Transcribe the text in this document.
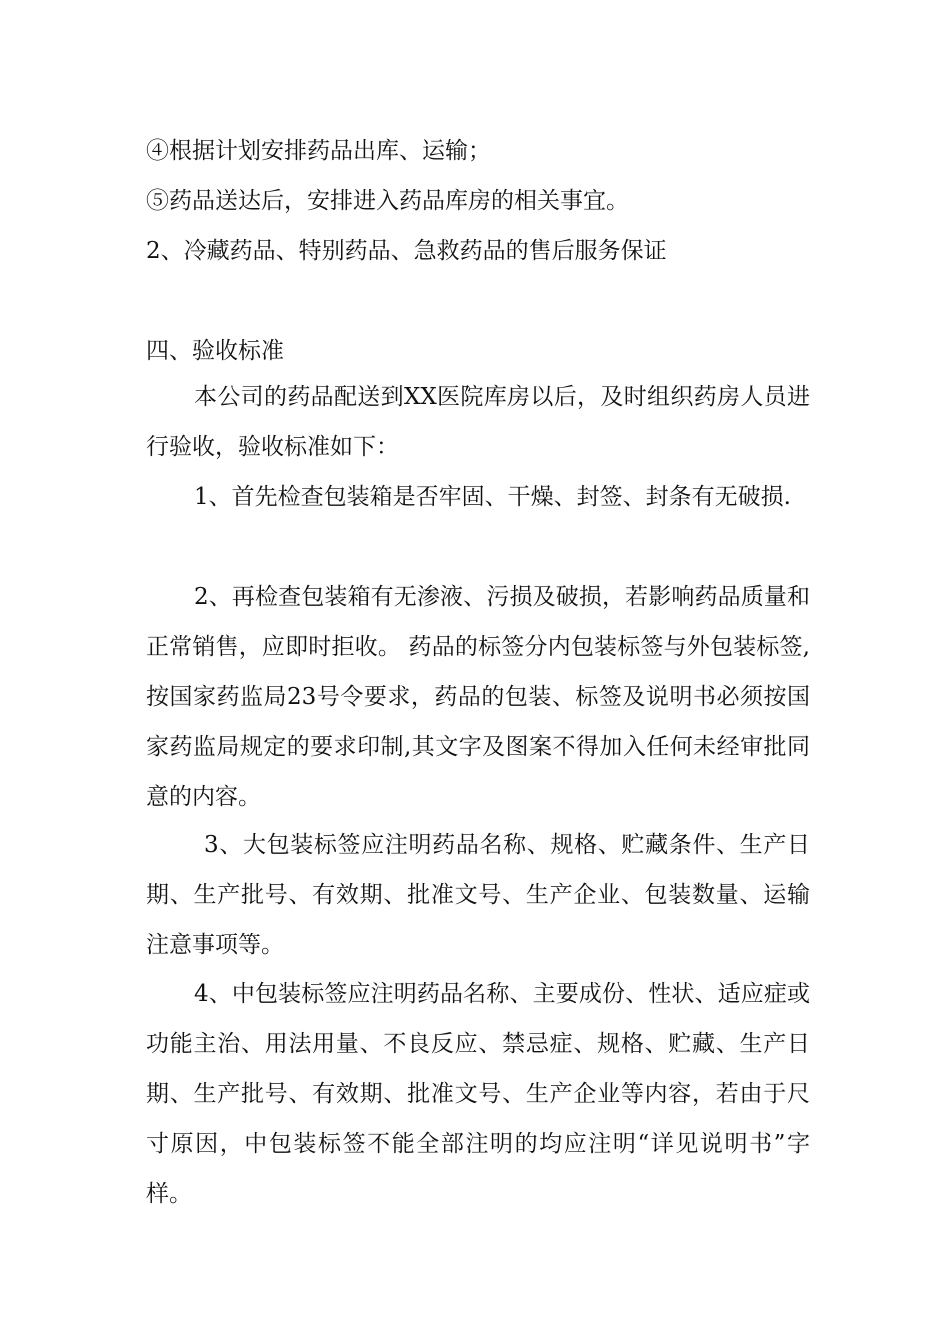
④根据计划安排药品出库、运输；
⑤药品送达后，安排进入药品库房的相关事宜。
2、冷藏药品、特别药品、急救药品的售后服务保证
四、验收标准
本公司的药品配送到XX医院库房以后，及时组织药房人员进行验收，验收标准如下：
1、首先检查包装箱是否牢固、干燥、封签、封条有无破损.
2、再检查包装箱有无渗液、污损及破损，若影响药品质量和正常销售，应即时拒收。 药品的标签分内包装标签与外包装标签,按国家药监局23号令要求，药品的包装、标签及说明书必须按国家药监局规定的要求印制,其文字及图案不得加入任何未经审批同意的内容。
3、大包装标签应注明药品名称、规格、贮藏条件、生产日期、生产批号、有效期、批准文号、生产企业、包装数量、运输注意事项等。
4、中包装标签应注明药品名称、主要成份、性状、适应症或功能主治、用法用量、不良反应、禁忌症、规格、贮藏、生产日期、生产批号、有效期、批准文号、生产企业等内容，若由于尺寸原因，中包装标签不能全部注明的均应注明“详见说明书”字样。
